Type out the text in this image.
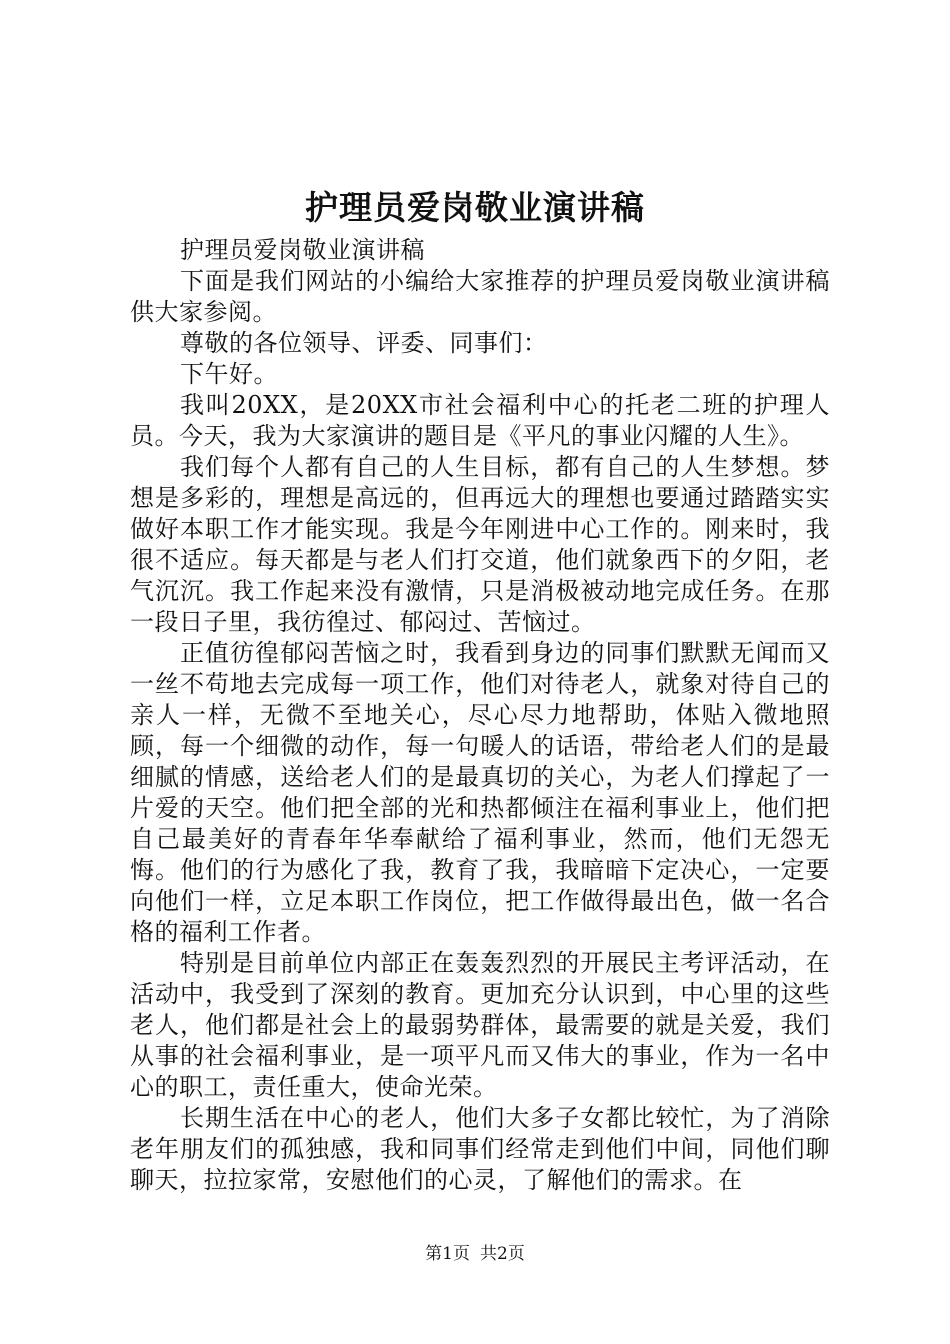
护理员爱岗敬业演讲稿

护理员爱岗敬业演讲稿

下面是我们网站的小编给大家推荐的护理员爱岗敬业演讲稿供大家参阅。

尊敬的各位领导、评委、同事们：

下午好。

我叫20XX，是20XX市社会福利中心的托老二班的护理人员。今天，我为大家演讲的题目是《平凡的事业闪耀的人生》。

我们每个人都有自己的人生目标，都有自己的人生梦想。梦想是多彩的，理想是高远的，但再远大的理想也要通过踏踏实实做好本职工作才能实现。我是今年刚进中心工作的。刚来时，我很不适应。每天都是与老人们打交道，他们就象西下的夕阳，老气沉沉。我工作起来没有激情，只是消极被动地完成任务。在那一段日子里，我彷徨过、郁闷过、苦恼过。

正值彷徨郁闷苦恼之时，我看到身边的同事们默默无闻而又一丝不苟地去完成每一项工作，他们对待老人，就象对待自己的亲人一样，无微不至地关心，尽心尽力地帮助，体贴入微地照顾，每一个细微的动作，每一句暖人的话语，带给老人们的是最细腻的情感，送给老人们的是最真切的关心，为老人们撑起了一片爱的天空。他们把全部的光和热都倾注在福利事业上，他们把自己最美好的青春年华奉献给了福利事业，然而，他们无怨无悔。他们的行为感化了我，教育了我，我暗暗下定决心，一定要向他们一样，立足本职工作岗位，把工作做得最出色，做一名合格的福利工作者。

特别是目前单位内部正在轰轰烈烈的开展民主考评活动，在活动中，我受到了深刻的教育。更加充分认识到，中心里的这些老人，他们都是社会上的最弱势群体，最需要的就是关爱，我们从事的社会福利事业，是一项平凡而又伟大的事业，作为一名中心的职工，责任重大，使命光荣。

长期生活在中心的老人，他们大多子女都比较忙，为了消除老年朋友们的孤独感，我和同事们经常走到他们中间，同他们聊聊天，拉拉家常，安慰他们的心灵，了解他们的需求。在

第1页 共2页
